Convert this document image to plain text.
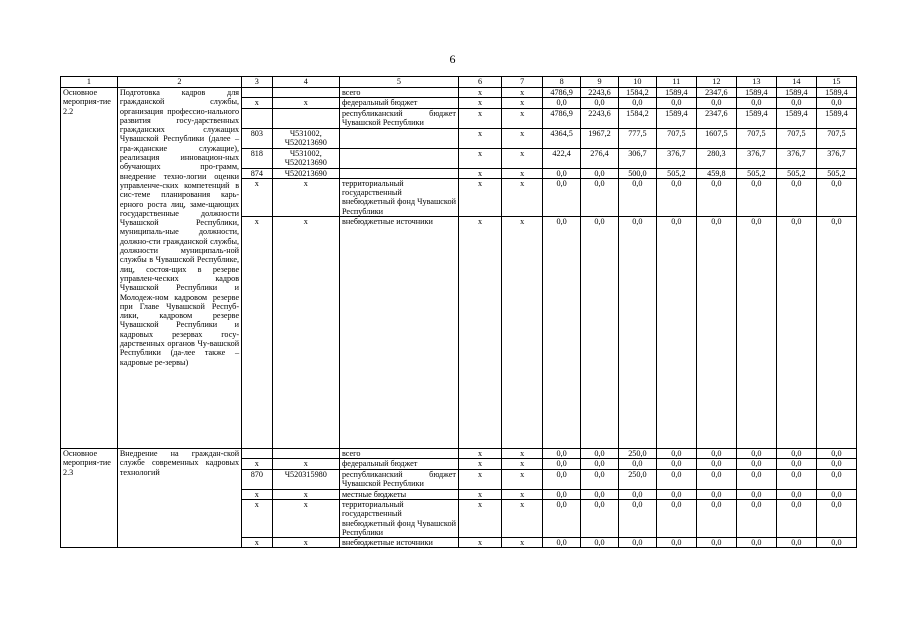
6
1	2	3	4	5	6	7	8	9	10	11	12	13	14	15
Основное мероприя-тие 2.2	Подготовка кадров для гражданской службы, организация профессио-нального развития госу-дарственных гражданских служащих Чувашской Республики (далее – гра-жданские служащие), реализация инновацион-ных обучающих про-грамм, внедрение техно-логии оценки управленче-ских компетенций в сис-теме планирования карь-ерного роста лиц, заме-щающих государственные должности Чувашской Республики, муниципаль-ные должности, должно-сти гражданской службы, должности муниципаль-ной службы в Чувашской Республике, лиц, состоя-щих в резерве управлен-ческих кадров Чувашской Республики и Молодеж-ном кадровом резерве при Главе Чувашской Респуб-лики, кадровом резерве Чувашской Республики и кадровых резервах госу-дарственных органов Чу-вашской Республики (да-лее также – кадровые ре-зервы)			всего	x	x	4786,9	2243,6	1584,2	1589,4	2347,6	1589,4	1589,4	1589,4
		x	x	федеральный бюджет	x	x	0,0	0,0	0,0	0,0	0,0	0,0	0,0	0,0
				республиканский бюджет Чувашской Республики	x	x	4786,9	2243,6	1584,2	1589,4	2347,6	1589,4	1589,4	1589,4
		803	Ч531002, Ч520213690		x	x	4364,5	1967,2	777,5	707,5	1607,5	707,5	707,5	707,5
		818	Ч531002, Ч520213690		x	x	422,4	276,4	306,7	376,7	280,3	376,7	376,7	376,7
		874	Ч520213690		x	x	0,0	0,0	500,0	505,2	459,8	505,2	505,2	505,2
		x	x	территориальный государственный внебюджетный фонд Чувашской Республики	x	x	0,0	0,0	0,0	0,0	0,0	0,0	0,0	0,0
		x	x	внебюджетные источники	x	x	0,0	0,0	0,0	0,0	0,0	0,0	0,0	0,0
Основное мероприя-тие 2.3	Внедрение на граждан-ской службе современных кадровых технологий			всего	x	x	0,0	0,0	250,0	0,0	0,0	0,0	0,0	0,0
		x	x	федеральный бюджет	x	x	0,0	0,0	0,0	0,0	0,0	0,0	0,0	0,0
		870	Ч520315980	республиканский бюджет Чувашской Республики	x	x	0,0	0,0	250,0	0,0	0,0	0,0	0,0	0,0
		x	x	местные бюджеты	x	x	0,0	0,0	0,0	0,0	0,0	0,0	0,0	0,0
		x	x	территориальный государственный внебюджетный фонд Чувашской Республики	x	x	0,0	0,0	0,0	0,0	0,0	0,0	0,0	0,0
		x	x	внебюджетные источники	x	x	0,0	0,0	0,0	0,0	0,0	0,0	0,0	0,0
